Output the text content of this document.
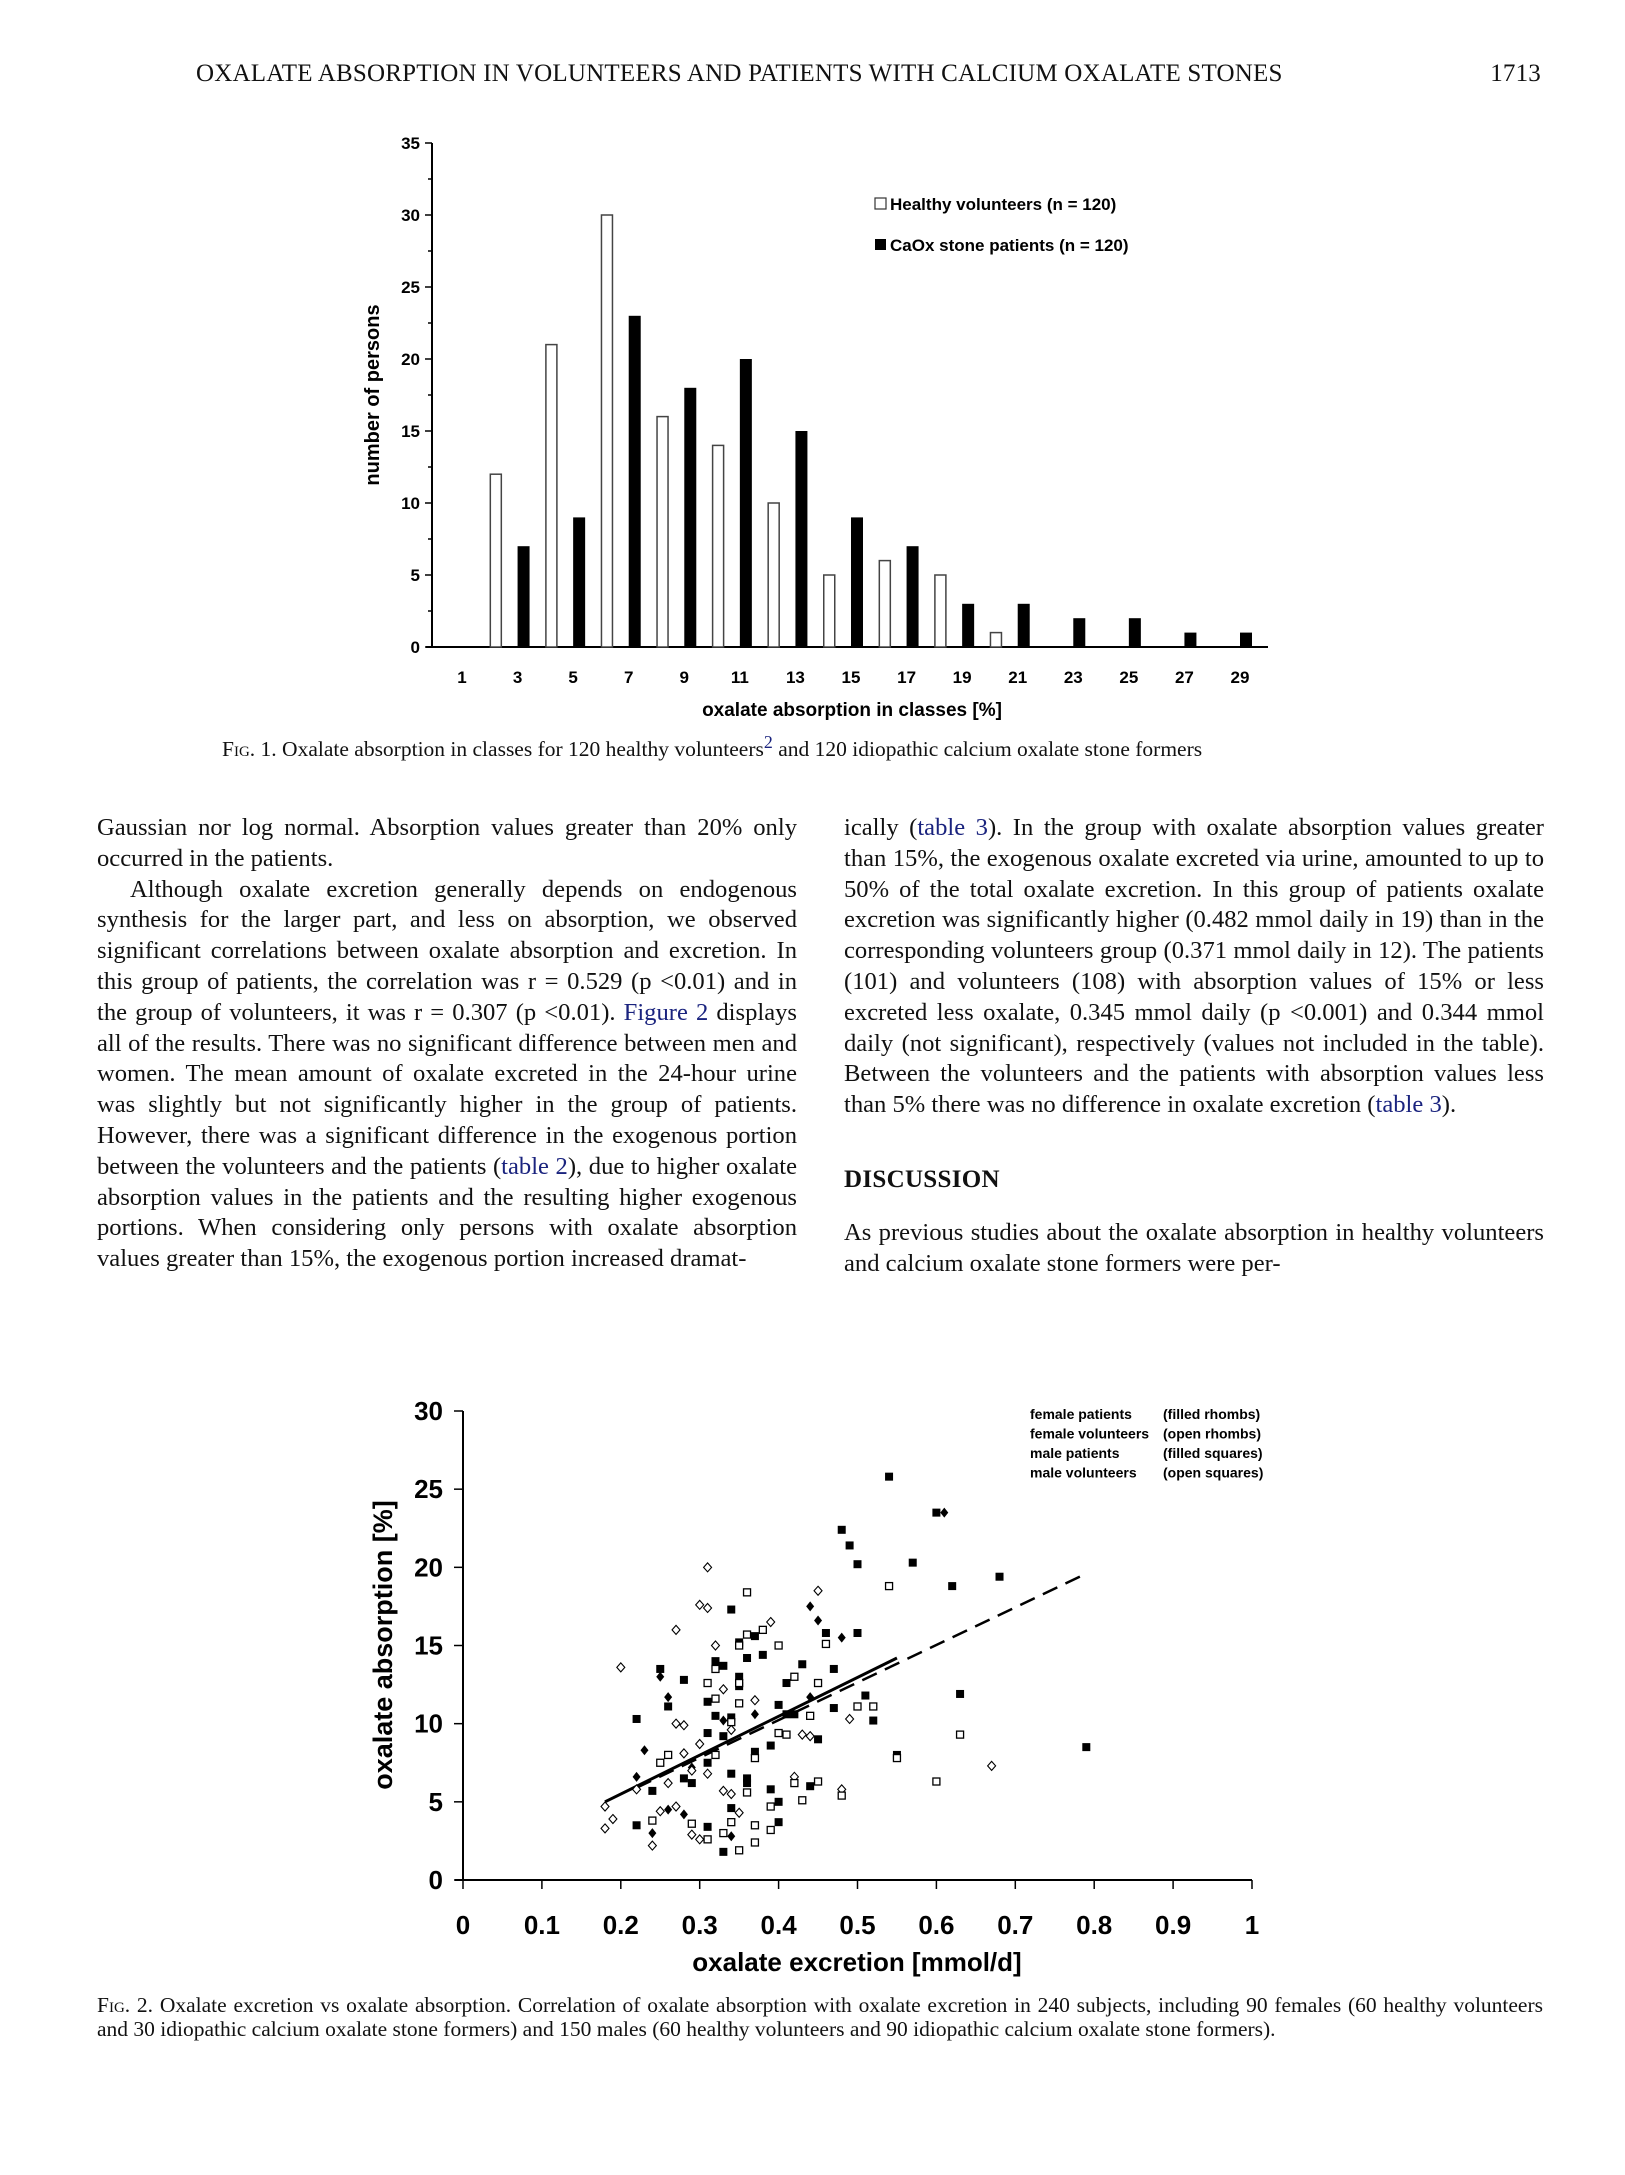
OXALATE ABSORPTION IN VOLUNTEERS AND PATIENTS WITH CALCIUM OXALATE STONES	1713
0
5
10
15
20
25
30
35
number of persons
1	3	5	7	9 11 13 15 17 19 21 23 25 27 29
oxalate absorption in classes [%]
Healthy volunteers (n = 120)
CaOx stone patients (n = 120)
Fig. 1. Oxalate absorption in classes for 120 healthy volunteers$^2$ and 120 idiopathic calcium oxalate stone formers

Gaussian nor log normal. Absorption values greater than 20% only occurred in the patients.

Although oxalate excretion generally depends on endogenous synthesis for the larger part, and less on absorption, we observed significant correlations between oxalate absorption and excretion. In this group of patients, the correlation was r = 0.529 (p <0.01) and in the group of volunteers, it was r = 0.307 (p <0.01). Figure 2 displays all of the results. There was no significant difference between men and women. The mean amount of oxalate excreted in the 24-hour urine was slightly but not significantly higher in the group of patients. However, there was a significant difference in the exogenous portion between the volunteers and the patients (table 2), due to higher oxalate absorption values in the patients and the resulting higher exogenous portions. When considering only persons with oxalate absorption values greater than 15%, the exogenous portion increased dramat-

ically (table 3). In the group with oxalate absorption values greater than 15%, the exogenous oxalate excreted via urine, amounted to up to 50% of the total oxalate excretion. In this group of patients oxalate excretion was significantly higher (0.482 mmol daily in 19) than in the corresponding volunteers group (0.371 mmol daily in 12). The patients (101) and volunteers (108) with absorption values of 15% or less excreted less oxalate, 0.345 mmol daily (p <0.001) and 0.344 mmol daily (not significant), respectively (values not included in the table). Between the volunteers and the patients with absorption values less than 5% there was no difference in oxalate excretion (table 3).

DISCUSSION

As previous studies about the oxalate absorption in healthy volunteers and calcium oxalate stone formers were per-

0
5
10
15
20
25
30
0 0.1 0.2 0.3 0.4 0.5 0.6 0.7 0.8 0.9 1
oxalate excretion [mmol/d]
oxalate absorption [%]
female patients (filled rhombs)
female volunteers (open rhombs)
male patients	(filled squares)
male volunteers (open squares)
Fig. 2. Oxalate excretion vs oxalate absorption. Correlation of oxalate absorption with oxalate excretion in 240 subjects, including 90 females (60 healthy volunteers and 30 idiopathic calcium oxalate stone formers) and 150 males (60 healthy volunteers and 90 idiopathic calcium oxalate stone formers).
